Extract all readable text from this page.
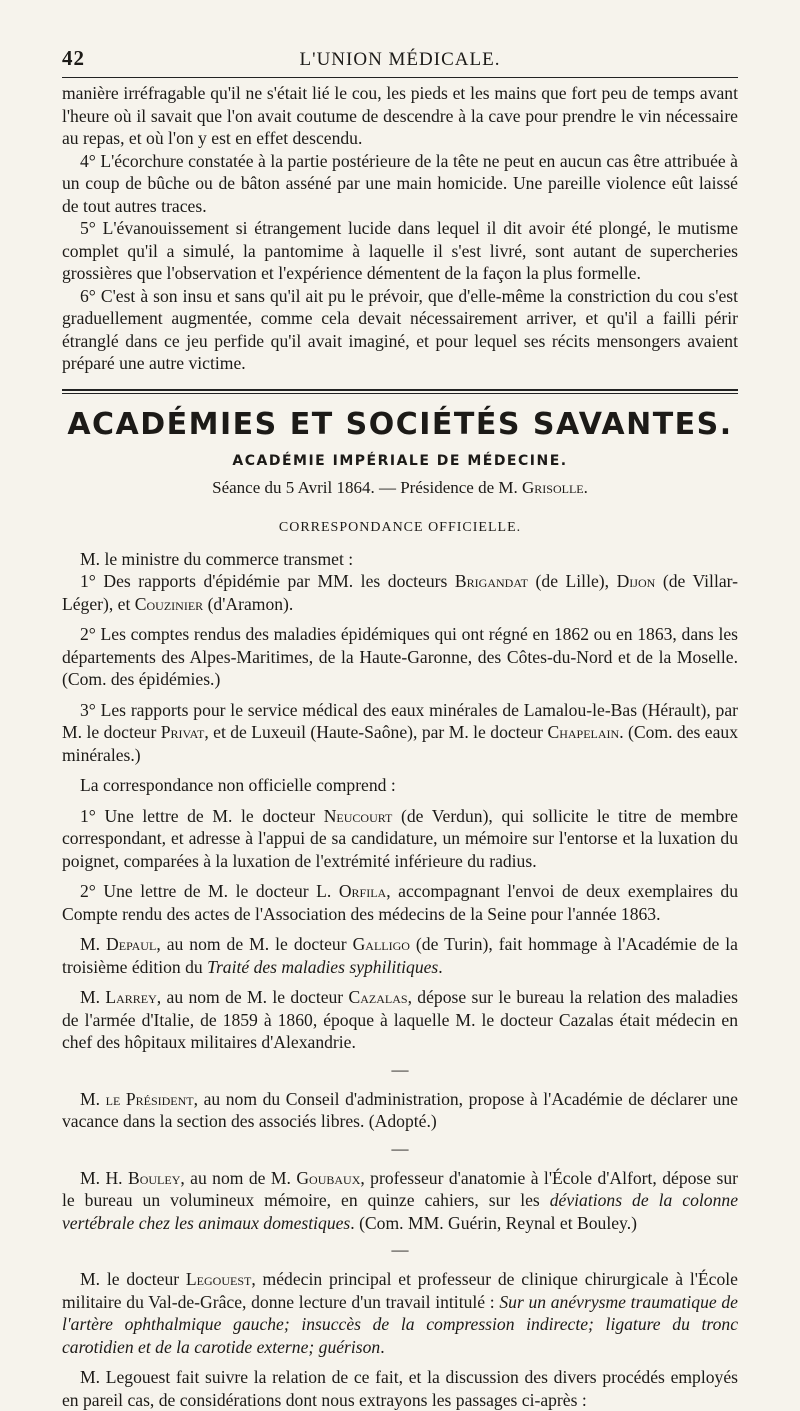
42	L'UNION MÉDICALE.

manière irréfragable qu'il ne s'était lié le cou, les pieds et les mains que fort peu de temps avant l'heure où il savait que l'on avait coutume de descendre à la cave pour prendre le vin nécessaire au repas, et où l'on y est en effet descendu.

4° L'écorchure constatée à la partie postérieure de la tête ne peut en aucun cas être attribuée à un coup de bûche ou de bâton asséné par une main homicide. Une pareille violence eût laissé de tout autres traces.

5° L'évanouissement si étrangement lucide dans lequel il dit avoir été plongé, le mutisme complet qu'il a simulé, la pantomime à laquelle il s'est livré, sont autant de supercheries grossières que l'observation et l'expérience démentent de la façon la plus formelle.

6° C'est à son insu et sans qu'il ait pu le prévoir, que d'elle-même la constriction du cou s'est graduellement augmentée, comme cela devait nécessairement arriver, et qu'il a failli périr étranglé dans ce jeu perfide qu'il avait imaginé, et pour lequel ses récits mensongers avaient préparé une autre victime.

ACADÉMIES ET SOCIÉTÉS SAVANTES.
ACADÉMIE IMPÉRIALE DE MÉDECINE.
Séance du 5 Avril 1864. — Présidence de M. Grisolle.
CORRESPONDANCE OFFICIELLE.

M. le ministre du commerce transmet :

1° Des rapports d'épidémie par MM. les docteurs Brigandat (de Lille), Dijon (de Villar-Léger), et Couzinier (d'Aramon).

2° Les comptes rendus des maladies épidémiques qui ont régné en 1862 ou en 1863, dans les départements des Alpes-Maritimes, de la Haute-Garonne, des Côtes-du-Nord et de la Moselle. (Com. des épidémies.)

3° Les rapports pour le service médical des eaux minérales de Lamalou-le-Bas (Hérault), par M. le docteur Privat, et de Luxeuil (Haute-Saône), par M. le docteur Chapelain. (Com. des eaux minérales.)

La correspondance non officielle comprend :

1° Une lettre de M. le docteur Neucourt (de Verdun), qui sollicite le titre de membre correspondant, et adresse à l'appui de sa candidature, un mémoire sur l'entorse et la luxation du poignet, comparées à la luxation de l'extrémité inférieure du radius.

2° Une lettre de M. le docteur L. Orfila, accompagnant l'envoi de deux exemplaires du Compte rendu des actes de l'Association des médecins de la Seine pour l'année 1863.

M. Depaul, au nom de M. le docteur Galligo (de Turin), fait hommage à l'Académie de la troisième édition du Traité des maladies syphilitiques.

M. Larrey, au nom de M. le docteur Cazalas, dépose sur le bureau la relation des maladies de l'armée d'Italie, de 1859 à 1860, époque à laquelle M. le docteur Cazalas était médecin en chef des hôpitaux militaires d'Alexandrie.

—

M. le Président, au nom du Conseil d'administration, propose à l'Académie de déclarer une vacance dans la section des associés libres. (Adopté.)

—

M. H. Bouley, au nom de M. Goubaux, professeur d'anatomie à l'École d'Alfort, dépose sur le bureau un volumineux mémoire, en quinze cahiers, sur les déviations de la colonne vertébrale chez les animaux domestiques. (Com. MM. Guérin, Reynal et Bouley.)

—

M. le docteur Legouest, médecin principal et professeur de clinique chirurgicale à l'École militaire du Val-de-Grâce, donne lecture d'un travail intitulé : Sur un anévrysme traumatique de l'artère ophthalmique gauche; insuccès de la compression indirecte; ligature du tronc carotidien et de la carotide externe; guérison.

M. Legouest fait suivre la relation de ce fait, et la discussion des divers procédés employés en pareil cas, de considérations dont nous extrayons les passages ci-après :
